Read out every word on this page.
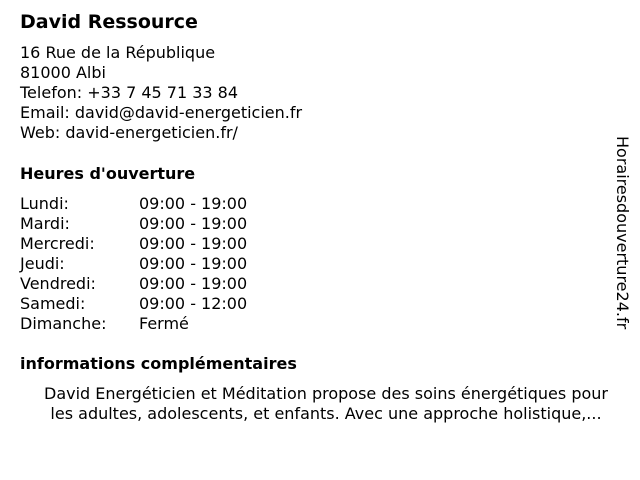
David Ressource
16 Rue de la République
81000 Albi
Telefon: +33 7 45 71 33 84
Email: david@david-energeticien.fr
Web: david-energeticien.fr/
Heures d'ouverture
Lundi:	09:00 - 19:00
Mardi:	09:00 - 19:00
Mercredi:	09:00 - 19:00
Jeudi:	09:00 - 19:00
Vendredi:	09:00 - 19:00
Samedi:	09:00 - 12:00
Dimanche:	Fermé
informations complémentaires
David Energéticien et Méditation propose des soins énergétiques pour
les adultes, adolescents, et enfants. Avec une approche holistique,...
Horairesdouverture24.fr
